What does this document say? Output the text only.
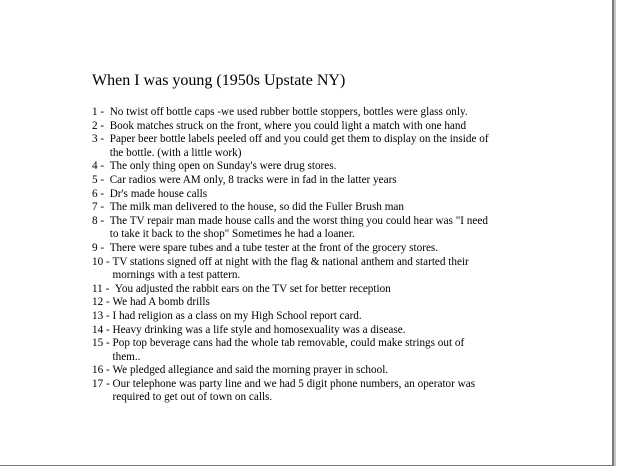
When I was young (1950s Upstate NY)
1 - No twist off bottle caps -we used rubber bottle stoppers, bottles were glass only.
2 - Book matches struck on the front, where you could light a match with one hand
3 - Paper beer bottle labels peeled off and you could get them to display on the inside of
the bottle. (with a little work)
4 - The only thing open on Sunday's were drug stores.
5 - Car radios were AM only, 8 tracks were in fad in the latter years
6 - Dr's made house calls
7 - The milk man delivered to the house, so did the Fuller Brush man
8 - The TV repair man made house calls and the worst thing you could hear was "I need
to take it back to the shop" Sometimes he had a loaner.
9 - There were spare tubes and a tube tester at the front of the grocery stores.
10 - TV stations signed off at night with the flag & national anthem and started their
mornings with a test pattern.
11 - You adjusted the rabbit ears on the TV set for better reception
12 - We had A bomb drills
13 - I had religion as a class on my High School report card.
14 - Heavy drinking was a life style and homosexuality was a disease.
15 - Pop top beverage cans had the whole tab removable, could make strings out of
them..
16 - We pledged allegiance and said the morning prayer in school.
17 - Our telephone was party line and we had 5 digit phone numbers, an operator was
required to get out of town on calls.
